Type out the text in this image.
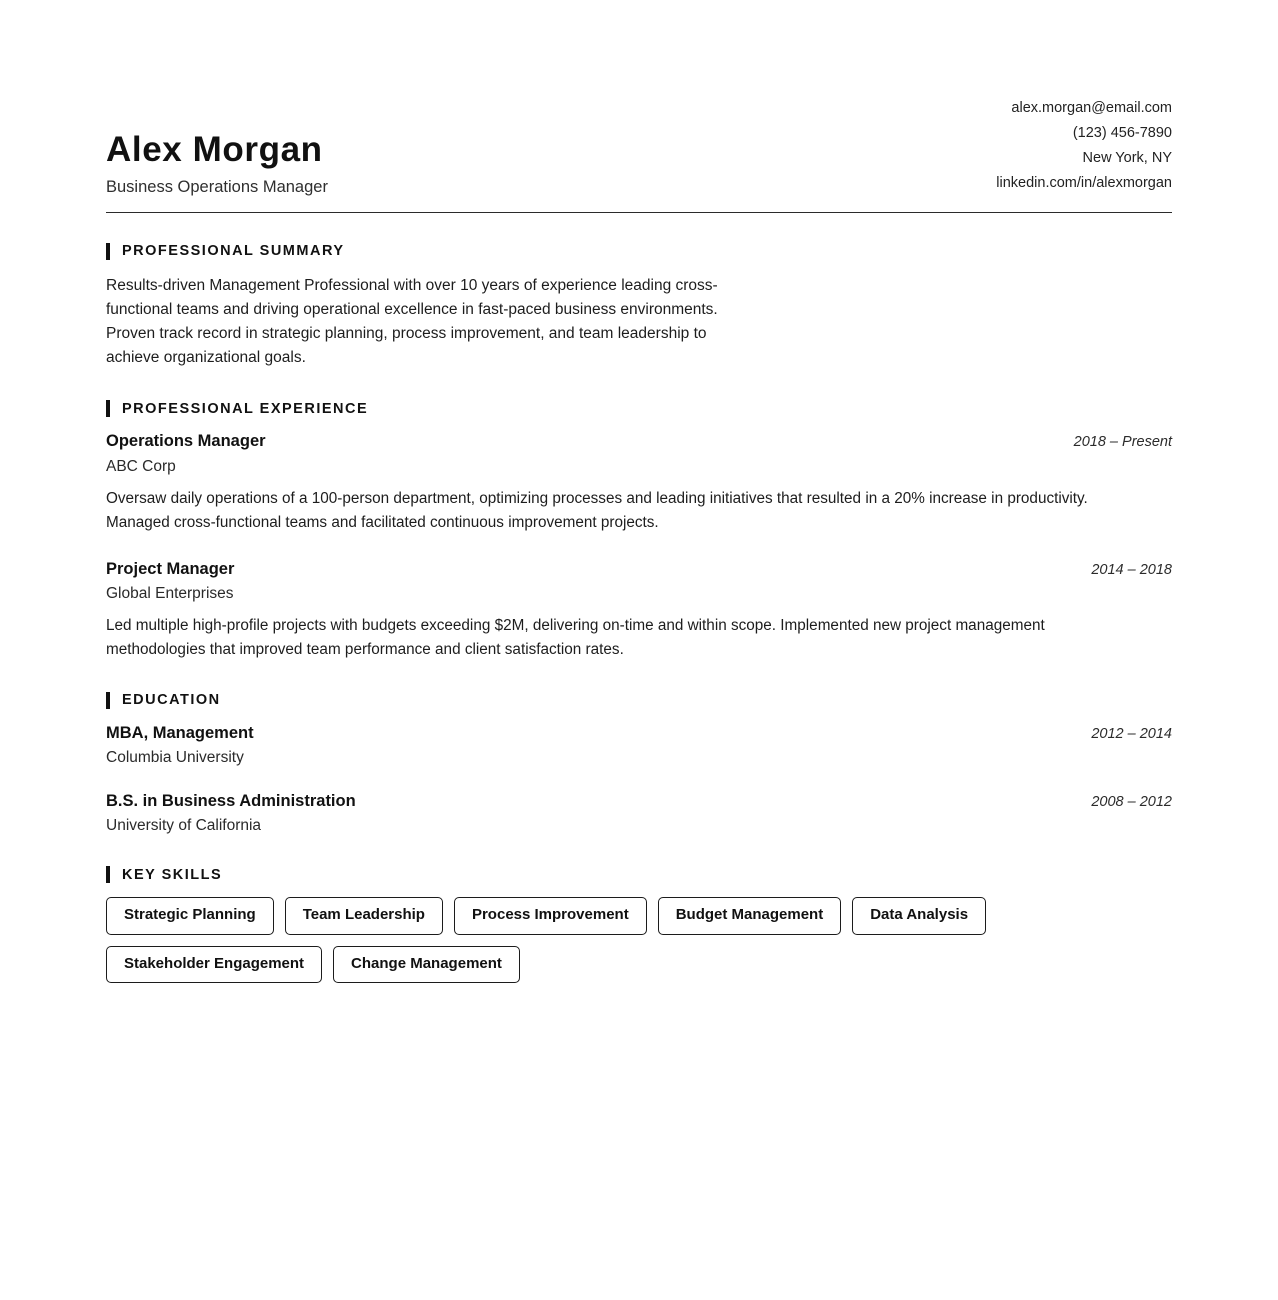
Alex Morgan
Business Operations Manager
alex.morgan@email.com
(123) 456-7890
New York, NY
linkedin.com/in/alexmorgan
PROFESSIONAL SUMMARY
Results-driven Management Professional with over 10 years of experience leading cross-functional teams and driving operational excellence in fast-paced business environments. Proven track record in strategic planning, process improvement, and team leadership to achieve organizational goals.
PROFESSIONAL EXPERIENCE
Operations Manager	2018 – Present
ABC Corp
Oversaw daily operations of a 100-person department, optimizing processes and leading initiatives that resulted in a 20% increase in productivity. Managed cross-functional teams and facilitated continuous improvement projects.
Project Manager	2014 – 2018
Global Enterprises
Led multiple high-profile projects with budgets exceeding $2M, delivering on-time and within scope. Implemented new project management methodologies that improved team performance and client satisfaction rates.
EDUCATION
MBA, Management	2012 – 2014
Columbia University
B.S. in Business Administration	2008 – 2012
University of California
KEY SKILLS
Strategic Planning	Team Leadership	Process Improvement	Budget Management	Data Analysis
Stakeholder Engagement	Change Management
